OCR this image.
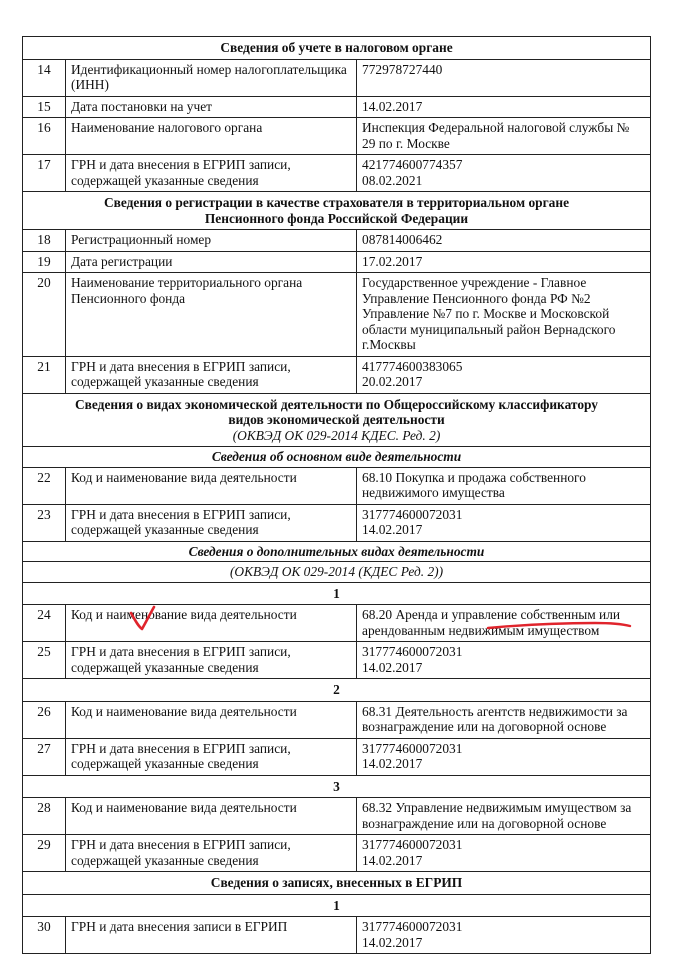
Сведения об учете в налоговом органе		
14	Идентификационный номер налогоплательщика (ИНН)	772978727440

15	Дата постановки на учет	14.02.2017

16	Наименование налогового органа	Инспекция Федеральной налоговой службы № 29 по г. Москве

17	ГРН и дата внесения в ЕГРИП записи, содержащей указанные сведения	421774600774357
08.02.2021

Сведения о регистрации в качестве страхователя в территориальном органе
Пенсионного фонда Российской Федерации		

18	Регистрационный номер	087814006462

19	Дата регистрации	17.02.2017

20	Наименование территориального органа Пенсионного фонда	Государственное учреждение - Главное Управление Пенсионного фонда РФ №2 Управление №7 по г. Москве и Московской области муниципальный район Вернадского г.Москвы

21	ГРН и дата внесения в ЕГРИП записи, содержащей указанные сведения	417774600383065
20.02.2017

Сведения о видах экономической деятельности по Общероссийскому классификатору
видов экономической деятельности
(ОКВЭД ОК 029-2014 КДЕС. Ред. 2)		

Сведения об основном виде деятельности		
22	Код и наименование вида деятельности	68.10 Покупка и продажа собственного недвижимого имущества

23	ГРН и дата внесения в ЕГРИП записи, содержащей указанные сведения	317774600072031
14.02.2017

Сведения о дополнительных видах деятельности		
(ОКВЭД ОК 029-2014 (КДЕС Ред. 2))		
1		
24	Код и наименование вида деятельности	68.20 Аренда и управление собственным или арендованным недвижимым имуществом

25	ГРН и дата внесения в ЕГРИП записи, содержащей указанные сведения	317774600072031
14.02.2017

2		
26	Код и наименование вида деятельности	68.31 Деятельность агентств недвижимости за вознаграждение или на договорной основе

27	ГРН и дата внесения в ЕГРИП записи, содержащей указанные сведения	317774600072031
14.02.2017

3		
28	Код и наименование вида деятельности	68.32 Управление недвижимым имуществом за вознаграждение или на договорной основе

29	ГРН и дата внесения в ЕГРИП записи, содержащей указанные сведения	317774600072031
14.02.2017

Сведения о записях, внесенных в ЕГРИП		
1		
30	ГРН и дата внесения записи в ЕГРИП	317774600072031
14.02.2017
